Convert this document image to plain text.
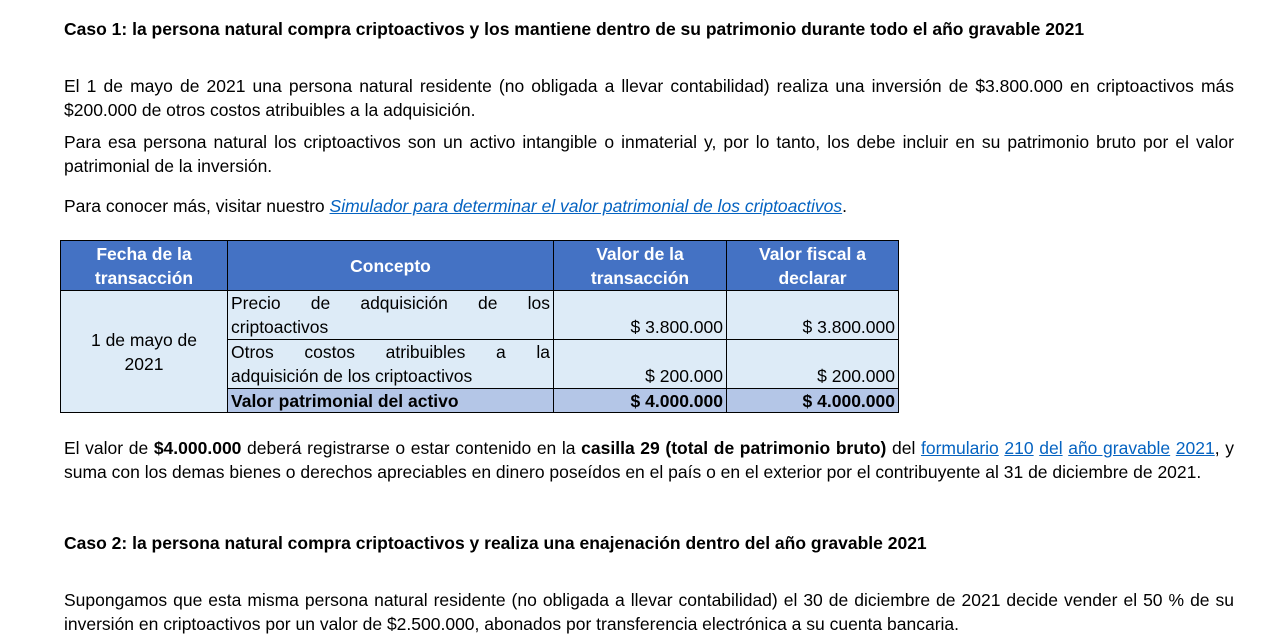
Caso 1: la persona natural compra criptoactivos y los mantiene dentro de su patrimonio durante todo el año gravable 2021
El 1 de mayo de 2021 una persona natural residente (no obligada a llevar contabilidad) realiza una inversión de $3.800.000 en criptoactivos más $200.000 de otros costos atribuibles a la adquisición.
Para esa persona natural los criptoactivos son un activo intangible o inmaterial y, por lo tanto, los debe incluir en su patrimonio bruto por el valor patrimonial de la inversión.
Para conocer más, visitar nuestro Simulador para determinar el valor patrimonial de los criptoactivos.
Fecha de la transacción	Concepto	Valor de la transacción	Valor fiscal a declarar
1 de mayo de 2021	Precio de adquisición de los
criptoactivos	$ 3.800.000	$ 3.800.000

	Otros costos atribuibles a la
adquisición de los criptoactivos	$ 200.000	$ 200.000
	Valor patrimonial del activo	$ 4.000.000	$ 4.000.000
El valor de $4.000.000 deberá registrarse o estar contenido en la casilla 29 (total de patrimonio bruto) del formulario 210 del año gravable 2021, y suma con los demas bienes o derechos apreciables en dinero poseídos en el país o en el exterior por el contribuyente al 31 de diciembre de 2021.
Caso 2: la persona natural compra criptoactivos y realiza una enajenación dentro del año gravable 2021
Supongamos que esta misma persona natural residente (no obligada a llevar contabilidad) el 30 de diciembre de 2021 decide vender el 50 % de su inversión en criptoactivos por un valor de $2.500.000, abonados por transferencia electrónica a su cuenta bancaria.
